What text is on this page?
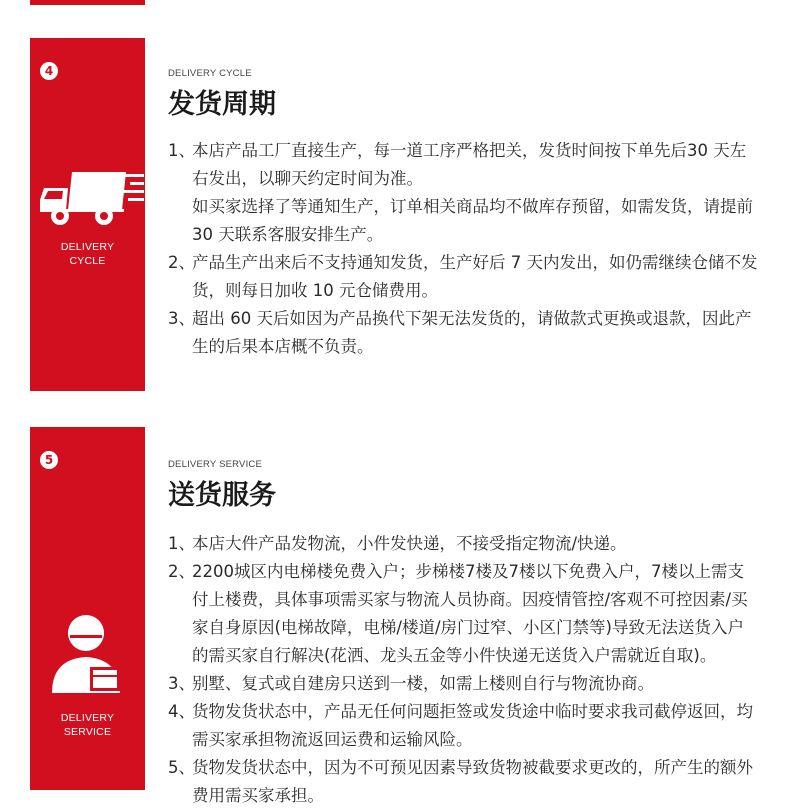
4
DELIVERY
CYCLE
DELIVERY CYCLE
发货周期
1、
本店产品工厂直接生产，每一道工序严格把关，发货时间按下单先后30 天左右发出，以聊天约定时间为准。
如买家选择了等通知生产，订单相关商品均不做库存预留，如需发货，请提前 30 天联系客服安排生产。
2、
产品生产出来后不支持通知发货，生产好后 7 天内发出，如仍需继续仓储不发货，则每日加收 10 元仓储费用。
3、
超出 60 天后如因为产品换代下架无法发货的，请做款式更换或退款，因此产生的后果本店概不负责。
5
DELIVERY
SERVICE
DELIVERY SERVICE
送货服务
1、
本店大件产品发物流，小件发快递，不接受指定物流/快递。
2、
2200城区内电梯楼免费入户；步梯楼7楼及7楼以下免费入户，7楼以上需支付上楼费，具体事项需买家与物流人员协商。因疫情管控/客观不可控因素/买家自身原因(电梯故障，电梯/楼道/房门过窄、小区门禁等)导致无法送货入户的需买家自行解决(花洒、龙头五金等小件快递无送货入户需就近自取)。
3、
别墅、复式或自建房只送到一楼，如需上楼则自行与物流协商。
4、
货物发货状态中，产品无任何问题拒签或发货途中临时要求我司截停返回，均需买家承担物流返回运费和运输风险。
5、
货物发货状态中，因为不可预见因素导致货物被截要求更改的，所产生的额外费用需买家承担。
